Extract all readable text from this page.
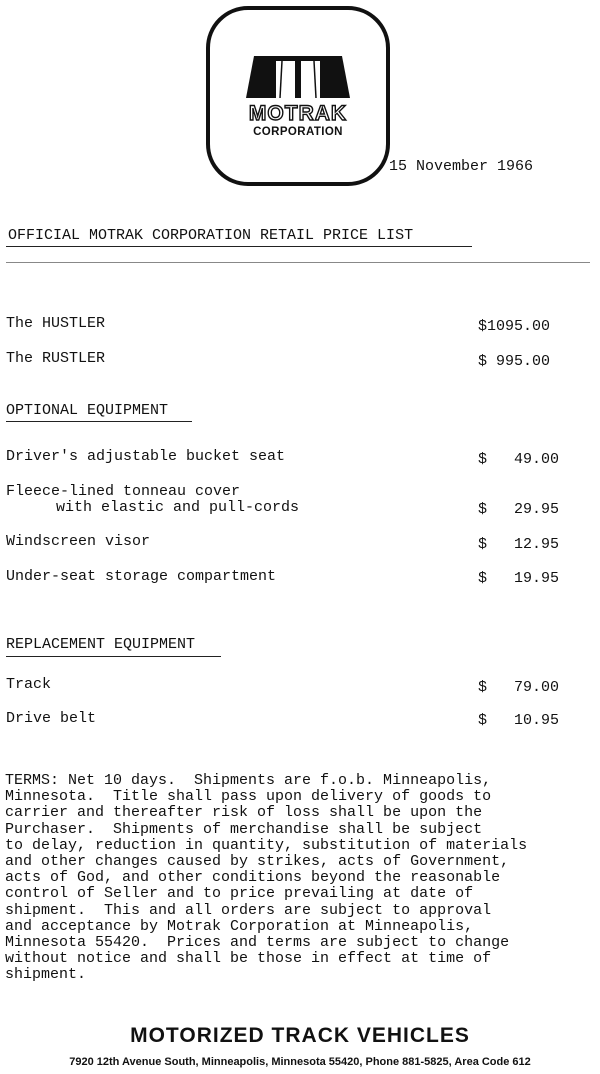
MOTRAK
CORPORATION
15 November 1966
OFFICIAL MOTRAK CORPORATION RETAIL PRICE LIST
The HUSTLER	$1095.00
The RUSTLER	$ 995.00
OPTIONAL EQUIPMENT
Driver's adjustable bucket seat	$   49.00
Fleece-lined tonneau cover
with elastic and pull-cords	$   29.95
Windscreen visor	$   12.95
Under-seat storage compartment	$   19.95
REPLACEMENT EQUIPMENT
Track	$   79.00
Drive belt	$   10.95
TERMS: Net 10 days.  Shipments are f.o.b. Minneapolis,
Minnesota.  Title shall pass upon delivery of goods to
carrier and thereafter risk of loss shall be upon the
Purchaser.  Shipments of merchandise shall be subject
to delay, reduction in quantity, substitution of materials
and other changes caused by strikes, acts of Government,
acts of God, and other conditions beyond the reasonable
control of Seller and to price prevailing at date of
shipment.  This and all orders are subject to approval
and acceptance by Motrak Corporation at Minneapolis,
Minnesota 55420.  Prices and terms are subject to change
without notice and shall be those in effect at time of
shipment.
MOTORIZED TRACK VEHICLES
7920 12th Avenue South, Minneapolis, Minnesota 55420, Phone 881-5825, Area Code 612
